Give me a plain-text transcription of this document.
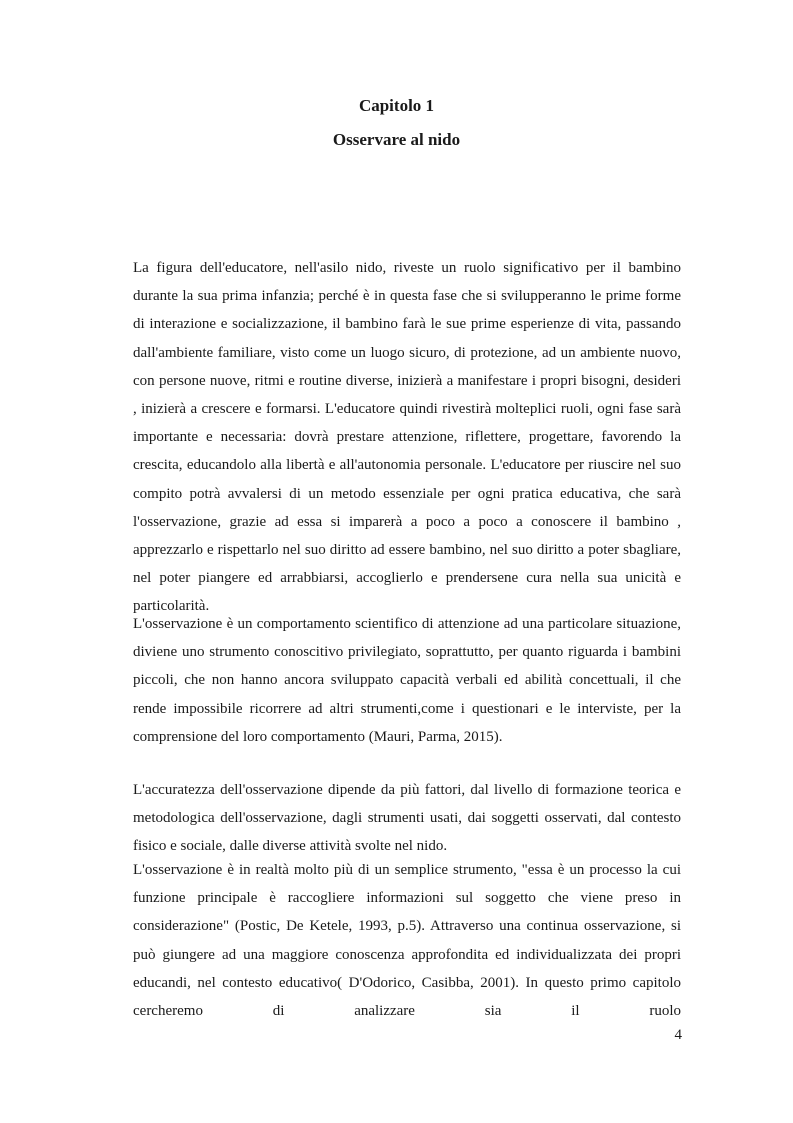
Capitolo 1
Osservare al nido

La figura dell'educatore, nell'asilo nido, riveste un ruolo significativo per il bambino durante la sua prima infanzia; perché è in questa fase che si svilupperanno le prime forme di interazione e socializzazione, il bambino farà le sue prime esperienze di vita, passando dall'ambiente familiare, visto come un luogo sicuro, di protezione, ad un ambiente nuovo, con persone nuove, ritmi e routine diverse, inizierà a manifestare i propri bisogni, desideri , inizierà a crescere e formarsi. L'educatore quindi rivestirà molteplici ruoli, ogni fase sarà importante e necessaria: dovrà prestare attenzione, riflettere, progettare, favorendo la crescita, educandolo alla libertà e all'autonomia personale. L'educatore per riuscire nel suo compito potrà avvalersi di un metodo essenziale per ogni pratica educativa, che sarà l'osservazione, grazie ad essa si imparerà a poco a poco a conoscere il bambino , apprezzarlo e rispettarlo nel suo diritto ad essere bambino, nel suo diritto a poter sbagliare, nel poter piangere ed arrabbiarsi, accoglierlo e prendersene cura nella sua unicità e particolarità.

L'osservazione è un comportamento scientifico di attenzione ad una particolare situazione, diviene uno strumento conoscitivo privilegiato, soprattutto, per quanto riguarda i bambini piccoli, che non hanno ancora sviluppato capacità verbali ed abilità concettuali, il che rende impossibile ricorrere ad altri strumenti,come i questionari e le interviste, per la comprensione del loro comportamento (Mauri, Parma, 2015).

L'accuratezza dell'osservazione dipende da più fattori, dal livello di formazione teorica e metodologica dell'osservazione, dagli strumenti usati, dai soggetti osservati, dal contesto fisico e sociale, dalle diverse attività svolte nel nido.

L'osservazione è in realtà molto più di un semplice strumento, "essa è un processo la cui funzione principale è raccogliere informazioni sul soggetto che viene preso in considerazione" (Postic, De Ketele, 1993, p.5). Attraverso una continua osservazione, si può giungere ad una maggiore conoscenza approfondita ed individualizzata dei propri educandi, nel contesto educativo( D'Odorico, Casibba, 2001). In questo primo capitolo cercheremo di analizzare sia il ruolo

4
